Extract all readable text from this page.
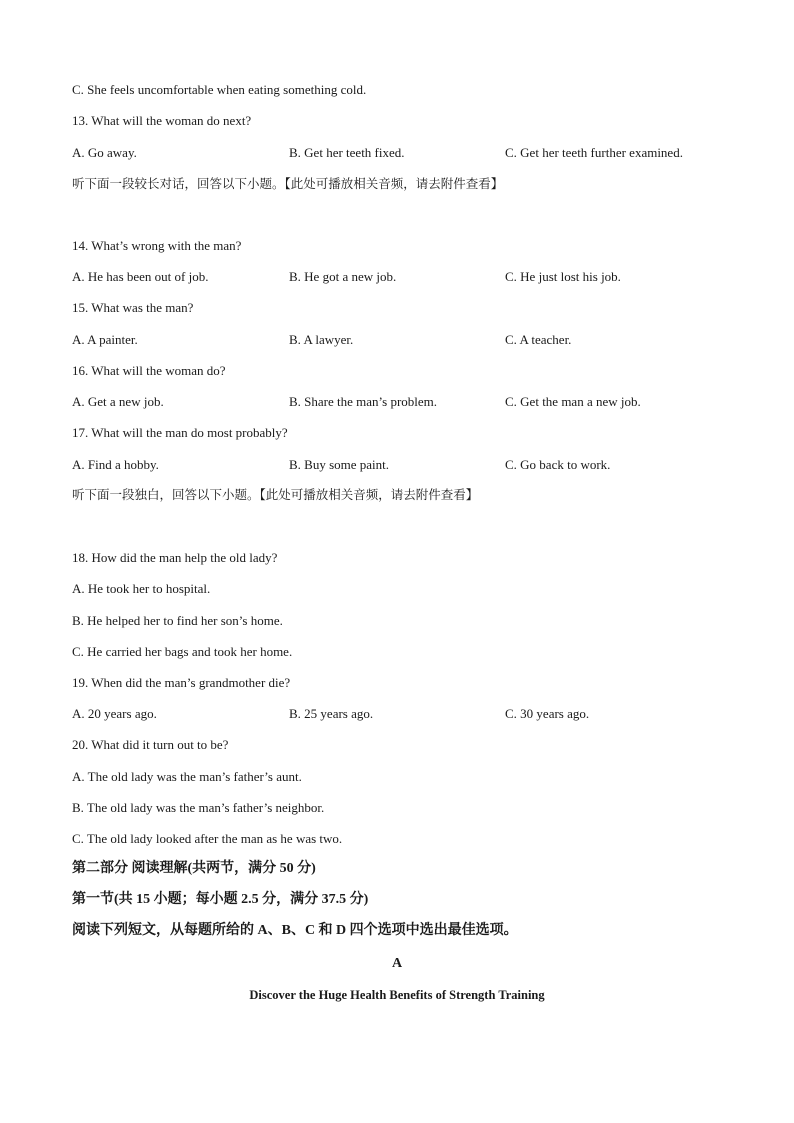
C. She feels uncomfortable when eating something cold.
13. What will the woman do next?
A. Go away.	B. Get her teeth fixed.	C. Get her teeth further examined.
听下面一段较长对话，回答以下小题。【此处可播放相关音频，请去附件查看】
14. What’s wrong with the man?
A. He has been out of job.	B. He got a new job.	C. He just lost his job.
15. What was the man?
A. A painter.	B. A lawyer.	C. A teacher.
16. What will the woman do?
A. Get a new job.	B. Share the man’s problem.	C. Get the man a new job.
17. What will the man do most probably?
A. Find a hobby.	B. Buy some paint.	C. Go back to work.
听下面一段独白，回答以下小题。【此处可播放相关音频，请去附件查看】
18. How did the man help the old lady?
A. He took her to hospital.
B. He helped her to find her son’s home.
C. He carried her bags and took her home.
19. When did the man’s grandmother die?
A. 20 years ago.	B. 25 years ago.	C. 30 years ago.
20. What did it turn out to be?
A. The old lady was the man’s father’s aunt.
B. The old lady was the man’s father’s neighbor.
C. The old lady looked after the man as he was two.
第二部分 阅读理解(共两节，满分 50 分)
第一节(共 15 小题；每小题 2.5 分，满分 37.5 分)
阅读下列短文，从每题所给的 A、B、C 和 D 四个选项中选出最佳选项。
A
Discover the Huge Health Benefits of Strength Training
